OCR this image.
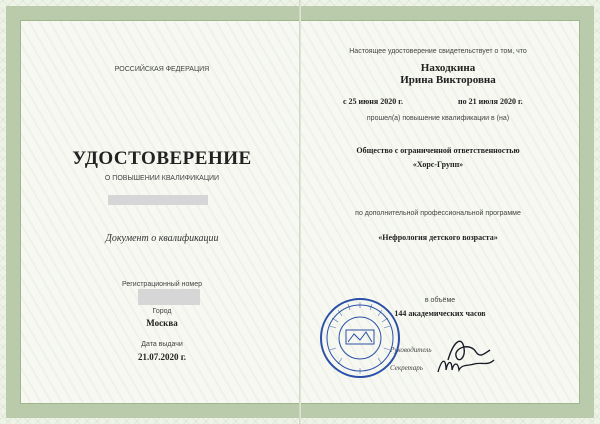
РОССИЙСКАЯ ФЕДЕРАЦИЯ
УДОСТОВЕРЕНИЕ
О ПОВЫШЕНИИ КВАЛИФИКАЦИИ
Документ о квалификации
Регистрационный номер
Город
Москва
Дата выдачи
21.07.2020 г.
Настоящее удостоверение свидетельствует о том, что
Находкина
Ирина Викторовна
с 25 июня 2020 г.	по 21 июля 2020 г.
прошел(а) повышение квалификации в (на)
Общество с ограниченной ответственностью
«Хорс-Групп»
по дополнительной профессиональной программе
«Нефрология детского возраста»
в объёме
144 академических часов
Руководитель
Секретарь
